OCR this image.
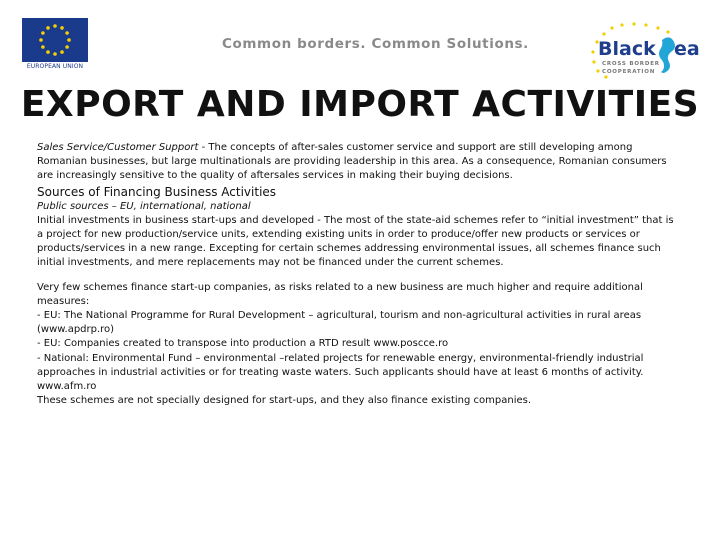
EUROPEAN UNION
Common borders. Common Solutions.	Black ea
CROSS BORDER
COOPERATION
EXPORT AND IMPORT ACTIVITIES

Sales Service/Customer Support - The concepts of after-sales customer service and support are still developing among Romanian businesses, but large multinationals are providing leadership in this area. As a consequence, Romanian consumers are increasingly sensitive to the quality of aftersales services in making their buying decisions.

Sources of Financing Business Activities

Public sources – EU, international, national

Initial investments in business start-ups and developed - The most of the state-aid schemes refer to “initial investment” that is a project for new production/service units, extending existing units in order to produce/offer new products or services or products/services in a new range. Excepting for certain schemes addressing environmental issues, all schemes finance such initial investments, and mere replacements may not be financed under the current schemes.

Very few schemes finance start-up companies, as risks related to a new business are much higher and require additional measures:

- EU: The National Programme for Rural Development – agricultural, tourism and non-agricultural activities in rural areas (www.apdrp.ro)

- EU: Companies created to transpose into production a RTD result www.poscce.ro

- National: Environmental Fund – environmental –related projects for renewable energy, environmental-friendly industrial approaches in industrial activities or for treating waste waters. Such applicants should have at least 6 months of activity. www.afm.ro

These schemes are not specially designed for start-ups, and they also finance existing companies.
